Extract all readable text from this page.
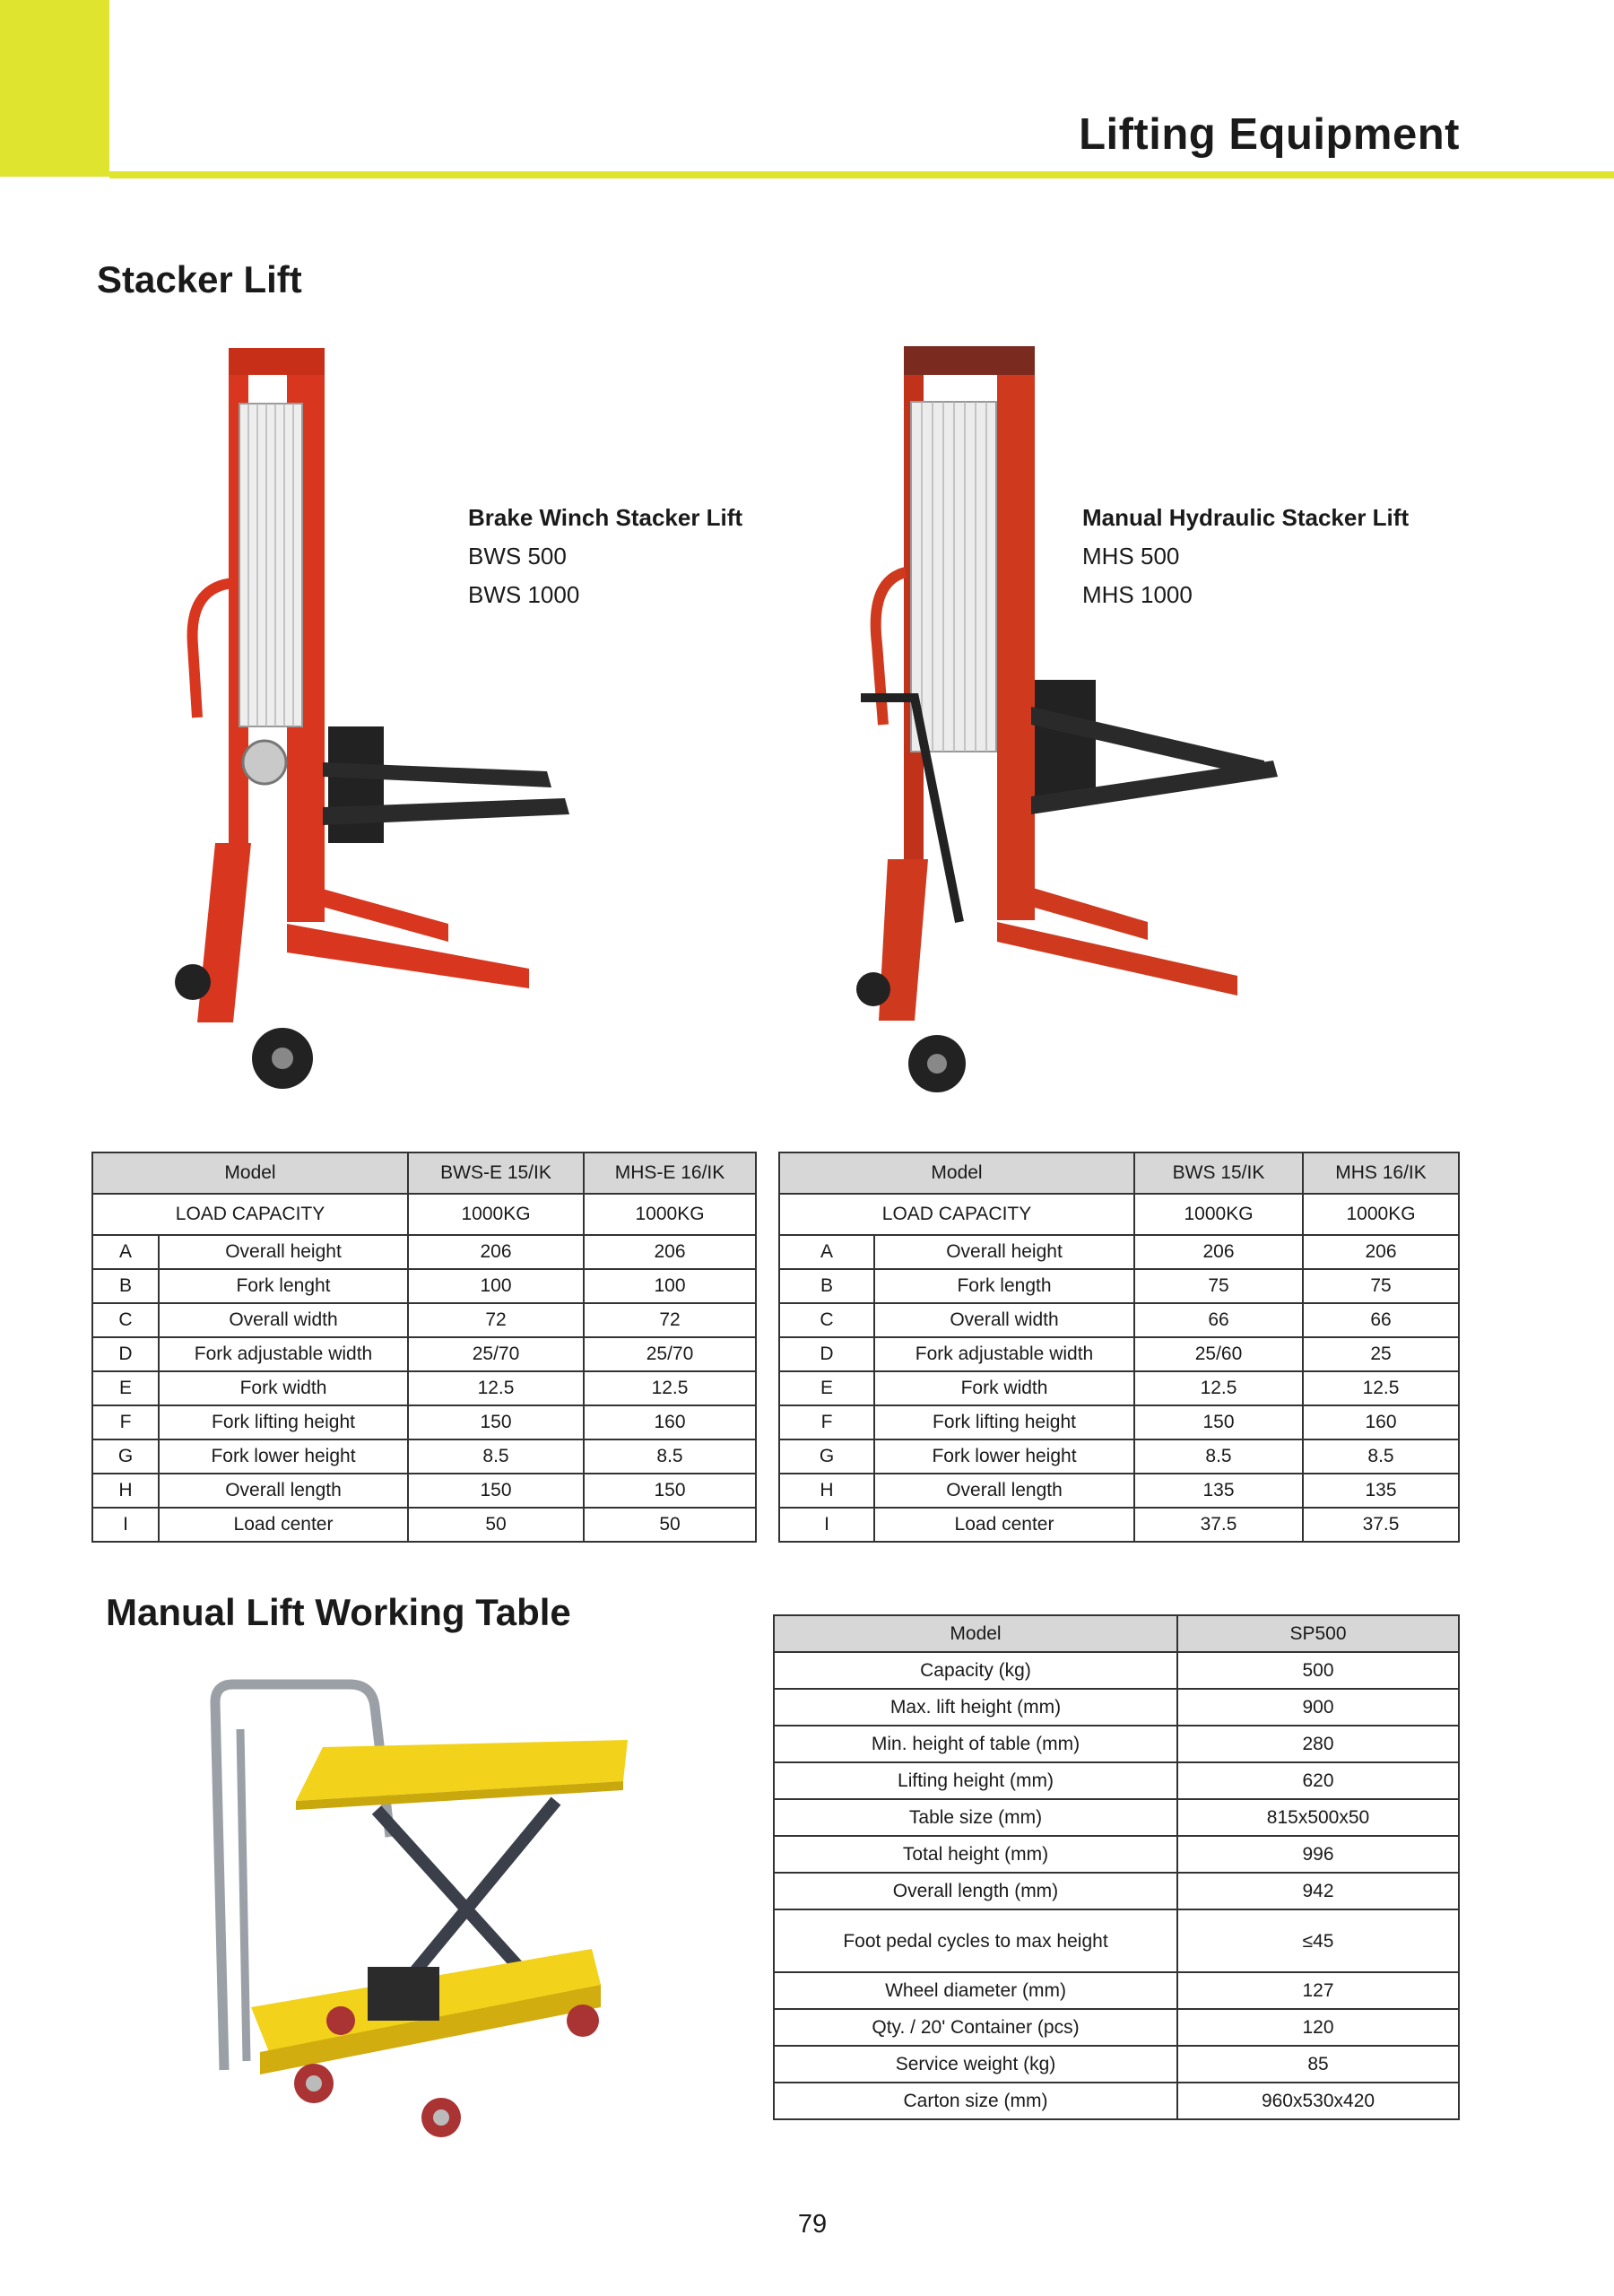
Lifting Equipment
Stacker Lift
Brake Winch Stacker Lift
BWS 500
BWS 1000
Manual Hydraulic Stacker Lift
MHS 500
MHS 1000
Model		BWS-E 15/IK	MHS-E 16/IK
LOAD CAPACITY		1000KG	1000KG
A	Overall height	206	206
B	Fork lenght	100	100
C	Overall width	72	72
D	Fork adjustable width	25/70	25/70
E	Fork width	12.5	12.5
F	Fork lifting height	150	160
G	Fork lower height	8.5	8.5
H	Overall length	150	150
I	Load center	50	50
Model		BWS 15/IK	MHS 16/IK
LOAD CAPACITY		1000KG	1000KG
A	Overall height	206	206
B	Fork length	75	75
C	Overall width	66	66
D	Fork adjustable width	25/60	25
E	Fork width	12.5	12.5
F	Fork lifting height	150	160
G	Fork lower height	8.5	8.5
H	Overall length	135	135
I	Load center	37.5	37.5
Manual Lift Working Table	Model	SP500
Capacity (kg)	500
Max. lift height (mm)	900
Min. height of table (mm)	280
Lifting height (mm)	620
Table size (mm)	815x500x50
Total height (mm)	996
Overall length (mm)	942
Foot pedal cycles to max height	≤45
Wheel diameter (mm)	127
Qty. / 20' Container (pcs)	120
Service weight (kg)	85
Carton size (mm)	960x530x420
79
